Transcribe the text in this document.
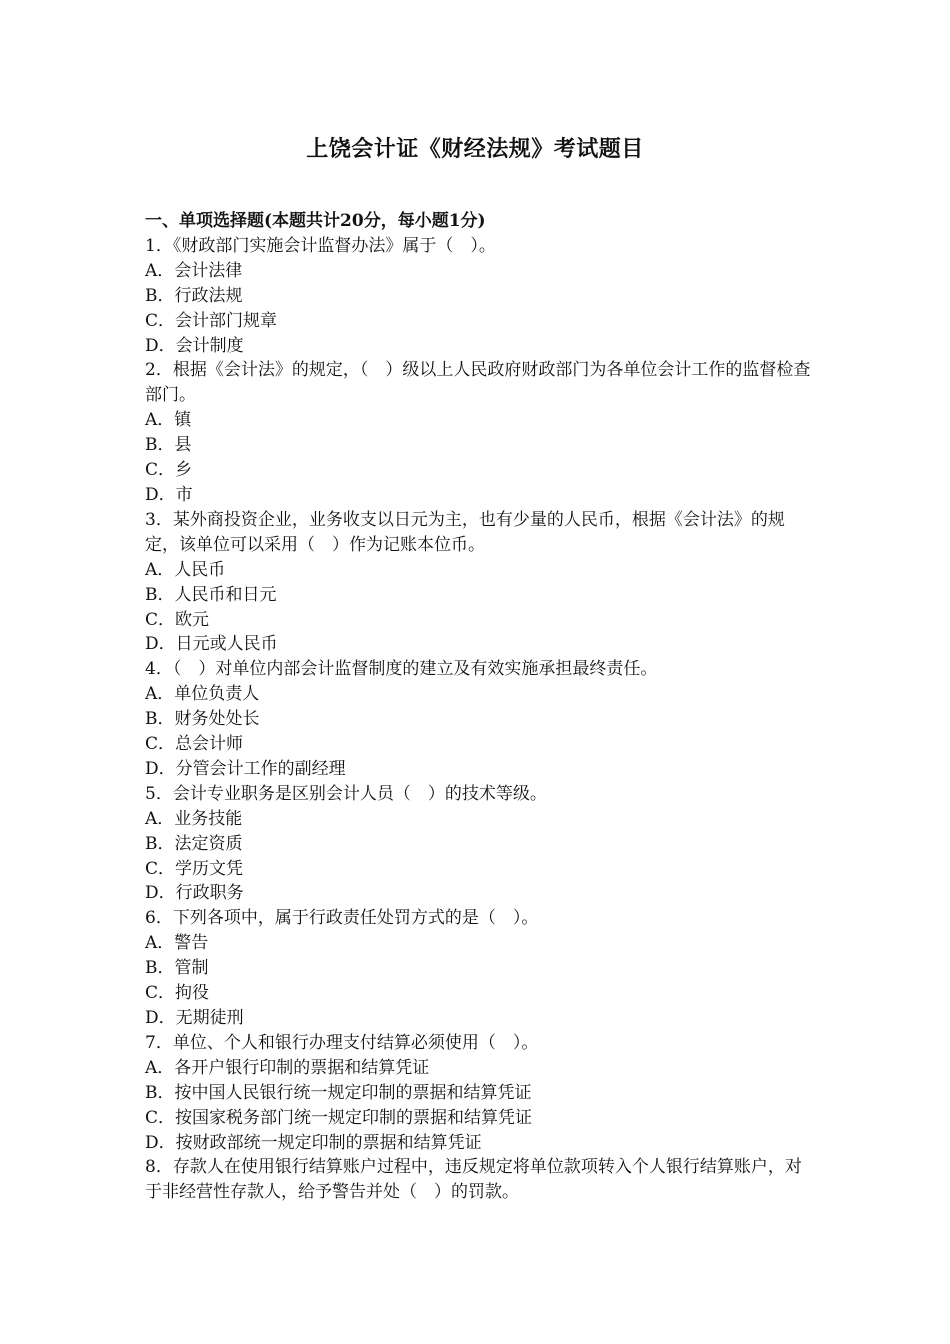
上饶会计证《财经法规》考试题目
一、单项选择题(本题共计20分，每小题1分)
1．《财政部门实施会计监督办法》属于（　）。
A．会计法律
B．行政法规
C．会计部门规章
D．会计制度
2．根据《会计法》的规定，（　）级以上人民政府财政部门为各单位会计工作的监督检查部门。
A．镇
B．县
C．乡
D．市
3．某外商投资企业，业务收支以日元为主，也有少量的人民币，根据《会计法》的规定，该单位可以采用（　）作为记账本位币。
A．人民币
B．人民币和日元
C．欧元
D．日元或人民币
4．（　）对单位内部会计监督制度的建立及有效实施承担最终责任。
A．单位负责人
B．财务处处长
C．总会计师
D．分管会计工作的副经理
5．会计专业职务是区别会计人员（　）的技术等级。
A．业务技能
B．法定资质
C．学历文凭
D．行政职务
6．下列各项中，属于行政责任处罚方式的是（　）。
A．警告
B．管制
C．拘役
D．无期徒刑
7．单位、个人和银行办理支付结算必须使用（　）。
A．各开户银行印制的票据和结算凭证
B．按中国人民银行统一规定印制的票据和结算凭证
C．按国家税务部门统一规定印制的票据和结算凭证
D．按财政部统一规定印制的票据和结算凭证
8．存款人在使用银行结算账户过程中，违反规定将单位款项转入个人银行结算账户，对于非经营性存款人，给予警告并处（　）的罚款。
